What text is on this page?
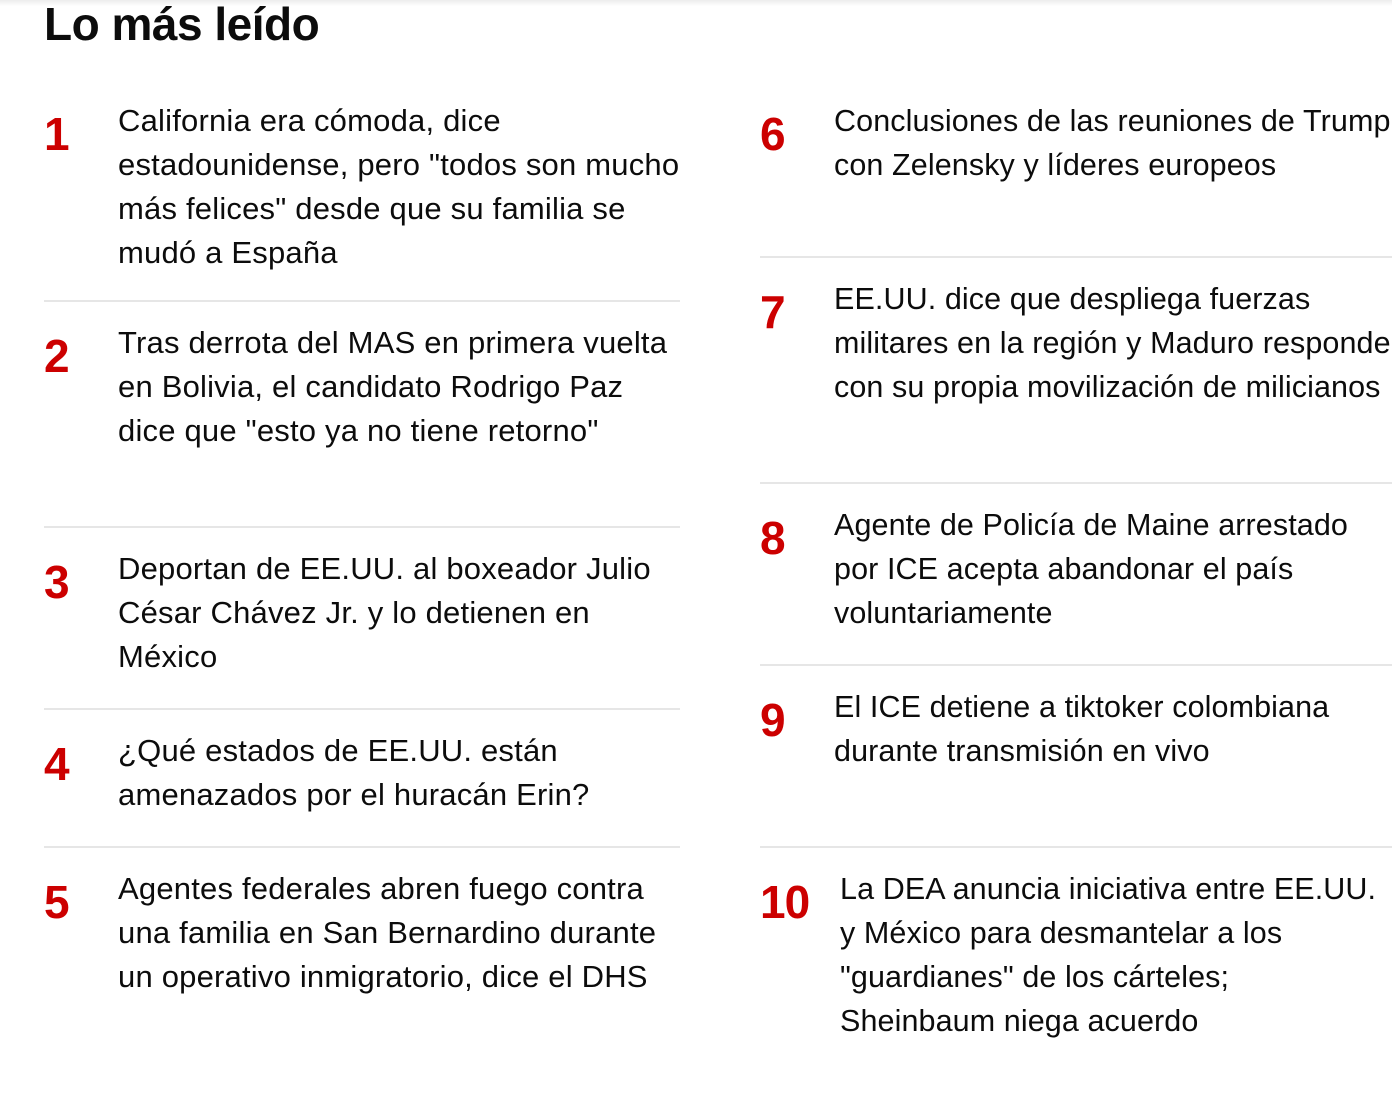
Lo más leído
1	California era cómoda, dice estadounidense, pero "todos son mucho más felices" desde que su familia se mudó a España
2	Tras derrota del MAS en primera vuelta en Bolivia, el candidato Rodrigo Paz dice que "esto ya no tiene retorno"
3	Deportan de EE.UU. al boxeador Julio César Chávez Jr. y lo detienen en México
4	¿Qué estados de EE.UU. están amenazados por el huracán Erin?
5	Agentes federales abren fuego contra una familia en San Bernardino durante un operativo inmigratorio, dice el DHS
6	Conclusiones de las reuniones de Trump con Zelensky y líderes europeos
7	EE.UU. dice que despliega fuerzas militares en la región y Maduro responde con su propia movilización de milicianos
8	Agente de Policía de Maine arrestado por ICE acepta abandonar el país voluntariamente
9	El ICE detiene a tiktoker colombiana durante transmisión en vivo
10	La DEA anuncia iniciativa entre EE.UU. y México para desmantelar a los "guardianes" de los cárteles; Sheinbaum niega acuerdo
